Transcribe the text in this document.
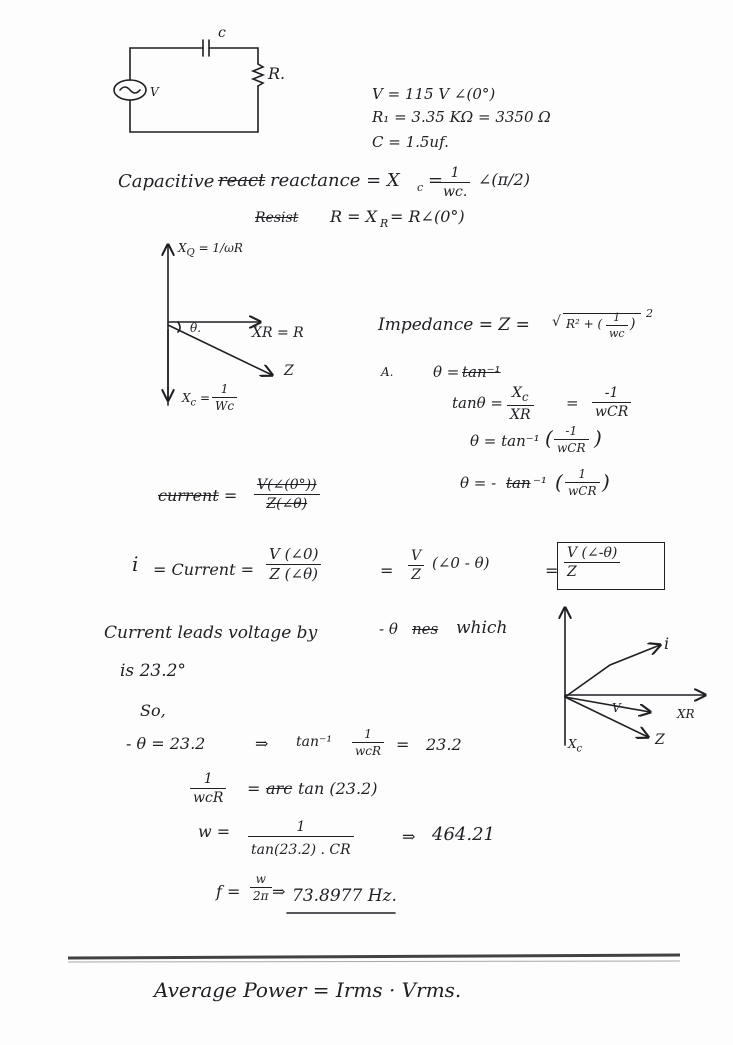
c
R.
V	V = 115 V ∠(0°)
R₁ = 3.35 KΩ = 3350 Ω
C = 1.5uf.
Capacitive react reactance = X c =
$\frac{1}{wc.}$ ∠(π/2)
Resist R = X R = R∠(0°)
$X_Q = 1/\omega R$
θ.	XR = R
Z
$X_c = \frac{1}{Wc}$
Impedance = Z = √ R² + ( $\frac{1}{wc}$ )
2
A.	θ = tan⁻¹
$\tan\theta = \frac{X_c}{XR}$ =
-1
wCR
θ = tan⁻¹ (	-1
wCR )
θ = - tan ⁻¹ (	1
wCR )
current = $\frac{V(\angle(0^\circ))}{Z(\angle\theta)}$
i = Current = $\frac{V (\angle 0)}{Z (\angle\theta)}$	= $\frac{V}{Z}$ (∠0 - θ)	= $\frac{V (\angle-\theta)}{Z}$
Current leads voltage by	- θ nes which
is 23.2°
i
V	XR
Z
$X_c$
So,
- θ = 23.2	⇒ tan⁻¹	1
wcR = 23.2
1
wcR = arc tan (23.2)
$w = \frac{1}{\tan(23.2) . CR}$	⇒ 464.21
$f = \frac{w}{2\pi}$ ⇒ 73.8977 Hz.
Average Power = Irms · Vrms.
